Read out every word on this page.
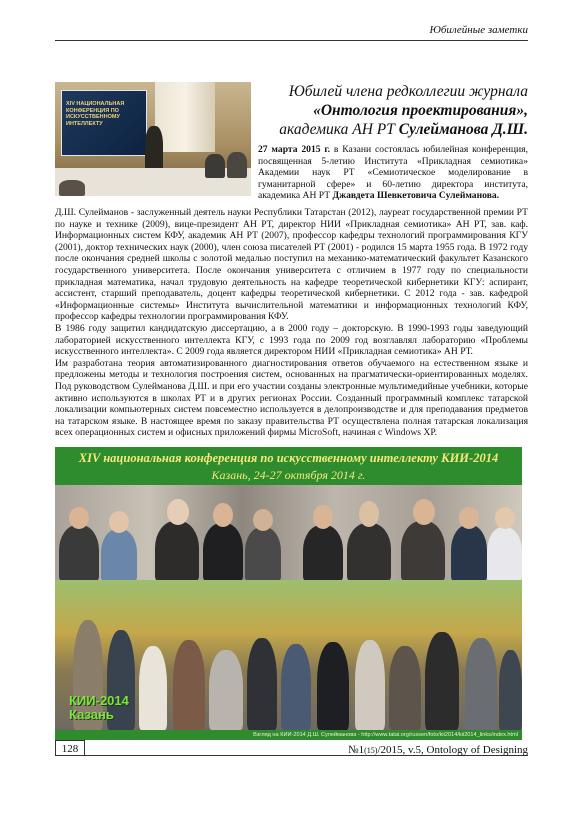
Юбилейные заметки
XIV НАЦИОНАЛЬНАЯ КОНФЕРЕНЦИЯ ПО ИСКУССТВЕННОМУ ИНТЕЛЛЕКТУ
Юбилей члена редколлегии журнала
«Онтология проектирования»,
академика АН РТ Сулейманова Д.Ш.
27 марта 2015 г. в Казани состоялась юбилейная конференция, посвященная 5-летию Института «Прикладная семиотика» Академии наук РТ «Семиотическое моделирование в гуманитарной сфере» и 60-летию директора института, академика АН РТ Джавдета Шевкетовича Сулейманова.

Д.Ш. Сулейманов - заслуженный деятель науки Республики Татарстан (2012), лауреат государственной премии РТ по науке и технике (2009), вице-президент АН РТ, директор НИИ «Прикладная семиотика» АН РТ, зав. каф. Информационных систем КФУ, академик АН РТ (2007), профессор кафедры технологий программирования КГУ (2001), доктор технических наук (2000), член союза писателей РТ (2001) - родился 15 марта 1955 года. В 1972 году после окончания средней школы с золотой медалью поступил на механико-математический факультет Казанского государственного университета. После окончания университета с отличием в 1977 году по специальности прикладная математика, начал трудовую деятельность на кафедре теоретической кибернетики КГУ: аспирант, ассистент, старший преподаватель, доцент кафедры теоретической кибернетики. С 2012 года - зав. кафедрой «Информационные системы» Института вычислительной математики и информационных технологий КФУ, профессор кафедры технологии программирования КФУ.

В 1986 году защитил кандидатскую диссертацию, а в 2000 году – докторскую. В 1990-1993 годы заведующий лабораторией искусственного интеллекта КГУ, с 1993 года по 2009 год возглавлял лабораторию «Проблемы искусственного интеллекта». С 2009 года является директором НИИ «Прикладная семиотика» АН РТ.

Им разработана теория автоматизированного диагностирования ответов обучаемого на естественном языке и предложены методы и технология построения систем, основанных на прагматически-ориентированных моделях. Под руководством Сулейманова Д.Ш. и при его участии созданы электронные мультимедийные учебники, которые активно используются в школах РТ и в других регионах России. Созданный программный комплекс татарской локализации компьютерных систем повсеместно используется в делопроизводстве и для преподавания предметов на татарском языке. В настоящее время по заказу правительства РТ осуществлена полная татарская локализация всех операционных систем и офисных приложений фирмы MicroSoft, начиная с Windows XP.

XIV национальная конференция по искусственному интеллекту КИИ-2014
Казань, 24-27 октября 2014 г.
КИИ-2014
Казань
Взгляд на КИИ-2014 Д.Ш. Сулейманова - http://www.tatai.org/russen/foto/kii2014/kii2014_links/index.html
128	№1(15)/2015, v.5, Ontology of Designing
